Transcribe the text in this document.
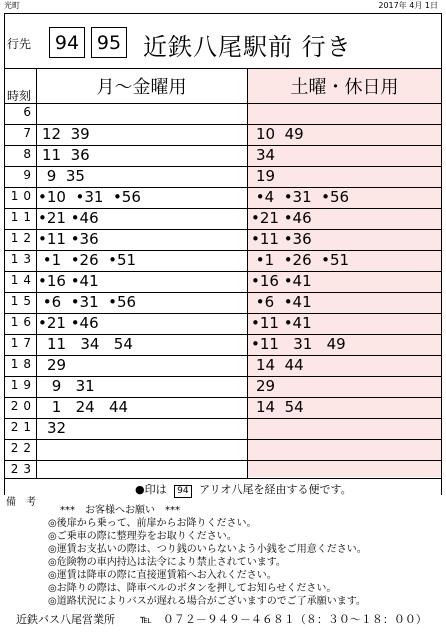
光町	2017年 4月 1日
行先	94 95 近鉄八尾駅前 行き
時刻	月～金曜用	土曜・休日用
6
7 12  39	10  49
8 11  36	34
9 9  35	19
10 •10  •31  •56	•4  •31  •56
11 •21 •46	•21 •46
12 •11 •36	•11 •36
13 •1  •26  •51	•1  •26  •51
14 •16 •41	•16 •41
15 •6  •31  •56	•6  •41
16 •21 •46	•11 •41
17 11   34   54	•11   31   49
18 29	14  44
19 9   31	29
20 1   24   44	14  54
21 32
22
23
●印は 94 アリオ八尾を経由する便です。
備　考
***　お客様へお願い　***
◎後扉から乗って、前扉からお降りください。
◎ご乗車の際に整理券をお取りください。
◎運賃お支払いの際は、つり銭のいらないよう小銭をご用意ください。
◎危険物の車内持込は法令により禁止されています。
◎運賃は降車の際に直接運賃箱へお入れください。
◎お降りの際は、降車ベルのボタンを押してお知らせください。
◎道路状況によりバスが遅れる場合がございますのでご了承願います。
近鉄バス八尾営業所 ℡　０７２－９４９－４６８１（８：３０～１８：００）
